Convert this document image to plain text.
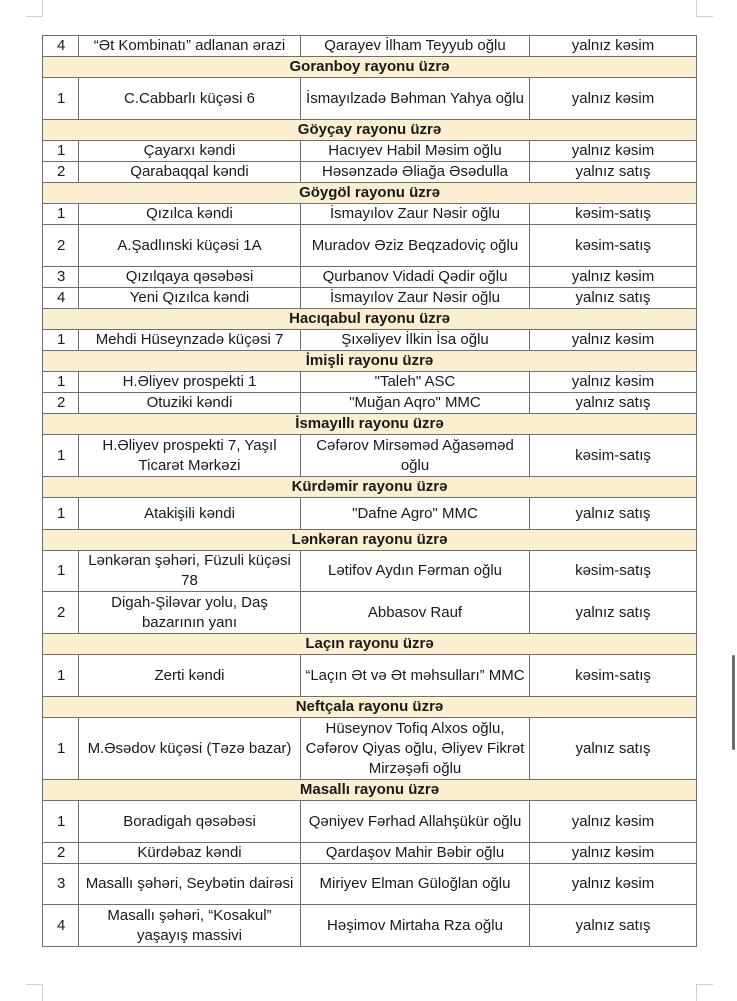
4	“Ət Kombinatı” adlanan ərazi	Qarayev İlham Teyyub oğlu	yalnız kəsim
Goranboy rayonu üzrə			
1	C.Cabbarlı küçəsi 6	İsmayılzadə Bəhman Yahya oğlu	yalnız kəsim
Göyçay rayonu üzrə			
1	Çayarxı kəndi	Hacıyev Habil Məsim oğlu	yalnız kəsim
2	Qarabaqqal kəndi	Həsənzadə Əliağa Əsədulla	yalnız satış
Göygöl rayonu üzrə			
1	Qızılca kəndi	İsmayılov Zaur Nəsir oğlu	kəsim-satış
2	A.Şadlınski küçəsi 1A	Muradov Əziz Beqzadoviç oğlu	kəsim-satış
3	Qızılqaya qəsəbəsi	Qurbanov Vidadi Qədir oğlu	yalnız kəsim
4	Yeni Qızılca kəndi	İsmayılov Zaur Nəsir oğlu	yalnız satış
Hacıqabul rayonu üzrə			
1	Mehdi Hüseynzadə küçəsi 7	Şıxəliyev İlkin İsa oğlu	yalnız kəsim
İmişli rayonu üzrə			
1	H.Əliyev prospekti 1	"Taleh" ASC	yalnız kəsim
2	Otuziki kəndi	"Muğan Aqro" MMC	yalnız satış
İsmayıllı rayonu üzrə			
1	H.Əliyev prospekti 7, Yaşıl Ticarət Mərkəzi	Cəfərov Mirsəməd Ağasəməd oğlu	kəsim-satış
Kürdəmir rayonu üzrə			
1	Atakişili kəndi	"Dafne Agro" MMC	yalnız satış
Lənkəran rayonu üzrə			
1	Lənkəran şəhəri, Füzuli küçəsi 78	Lətifov Aydın Fərman oğlu	kəsim-satış
2	Digah-Şiləvar yolu, Daş bazarının yanı	Abbasov Rauf	yalnız satış
Laçın rayonu üzrə			
1	Zerti kəndi	“Laçın Ət və Ət məhsulları” MMC	kəsim-satış
Neftçala rayonu üzrə			
1	M.Əsədov küçəsi (Təzə bazar)	Hüseynov Tofiq Alxos oğlu, Cəfərov Qiyas oğlu, Əliyev Fikrət Mirzəşəfi oğlu	yalnız satış
Masallı rayonu üzrə			
1	Boradigah qəsəbəsi	Qəniyev Fərhad Allahşükür oğlu	yalnız kəsim
2	Kürdəbaz kəndi	Qardaşov Mahir Bəbir oğlu	yalnız kəsim
3	Masallı şəhəri, Seybətin dairəsi	Miriyev Elman Güloğlan oğlu	yalnız kəsim
4	Masallı şəhəri, “Kosakul” yaşayış massivi	Həşimov Mirtaha Rza oğlu	yalnız satış
